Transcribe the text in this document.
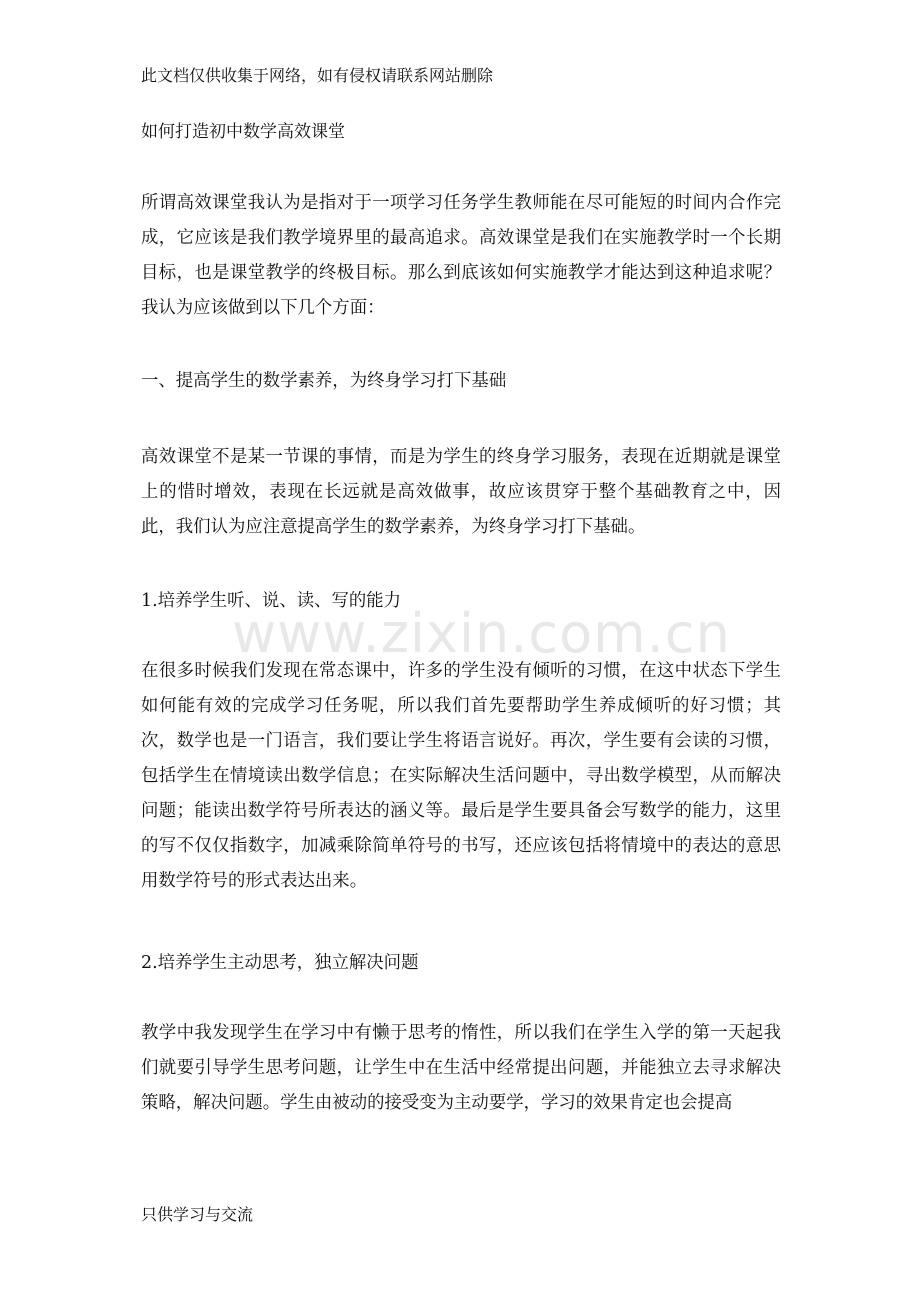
此文档仅供收集于网络，如有侵权请联系网站删除
如何打造初中数学高效课堂

所谓高效课堂我认为是指对于一项学习任务学生教师能在尽可能短的时间内合作完成，它应该是我们教学境界里的最高追求。高效课堂是我们在实施教学时一个长期目标，也是课堂教学的终极目标。那么到底该如何实施教学才能达到这种追求呢？我认为应该做到以下几个方面：

一、提高学生的数学素养，为终身学习打下基础

高效课堂不是某一节课的事情，而是为学生的终身学习服务，表现在近期就是课堂上的惜时增效，表现在长远就是高效做事，故应该贯穿于整个基础教育之中，因此，我们认为应注意提高学生的数学素养，为终身学习打下基础。

1.培养学生听、说、读、写的能力

在很多时候我们发现在常态课中，许多的学生没有倾听的习惯，在这中状态下学生如何能有效的完成学习任务呢，所以我们首先要帮助学生养成倾听的好习惯；其次，数学也是一门语言，我们要让学生将语言说好。再次，学生要有会读的习惯，包括学生在情境读出数学信息；在实际解决生活问题中，寻出数学模型，从而解决问题；能读出数学符号所表达的涵义等。最后是学生要具备会写数学的能力，这里的写不仅仅指数字，加减乘除简单符号的书写，还应该包括将情境中的表达的意思用数学符号的形式表达出来。

2.培养学生主动思考，独立解决问题

教学中我发现学生在学习中有懒于思考的惰性，所以我们在学生入学的第一天起我们就要引导学生思考问题，让学生中在生活中经常提出问题，并能独立去寻求解决策略，解决问题。学生由被动的接受变为主动要学，学习的效果肯定也会提高

只供学习与交流
www.zixin.com.cn
